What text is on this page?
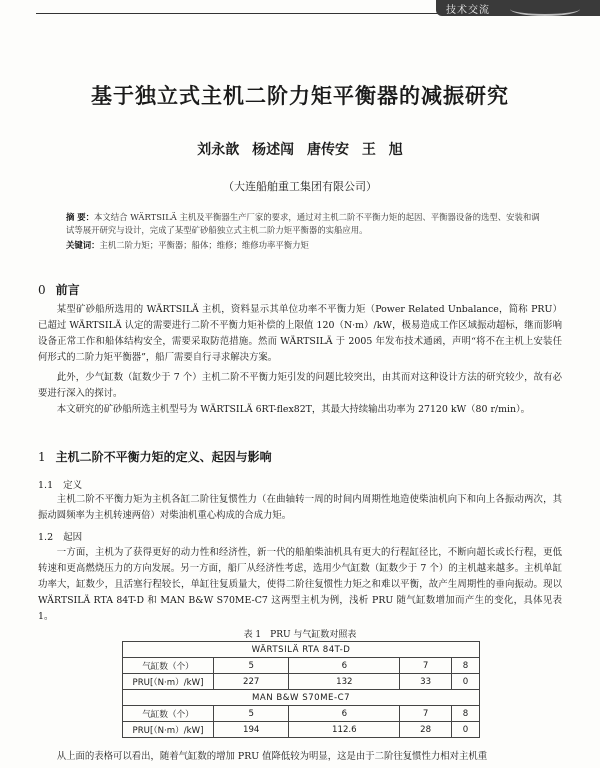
技术交流
基于独立式主机二阶力矩平衡器的减振研究
刘永歆 杨述闯 唐传安 王 旭
（大连船舶重工集团有限公司）
摘 要：本文结合 WÄRTSILÄ 主机及平衡器生产厂家的要求，通过对主机二阶不平衡力矩的起因、平衡器设备的选型、安装和调试等展开研究与设计，完成了某型矿砂船独立式主机二阶力矩平衡器的实船应用。
关键词：主机二阶力矩；平衡器；船体；维修；维修功率平衡力矩
0 前言
某型矿砂船所选用的 WÄRTSILÄ 主机，资料显示其单位功率不平衡力矩（Power Related Unbalance，简称 PRU）已超过 WÄRTSILÄ 认定的需要进行二阶不平衡力矩补偿的上限值 120（N·m）/kW，极易造成工作区域振动超标，继而影响设备正常工作和船体结构安全，需要采取防范措施。然而 WÄRTSILÄ 于 2005 年发布技术通函，声明“将不在主机上安装任何形式的二阶力矩平衡器”，船厂需要自行寻求解决方案。
此外，少气缸数（缸数少于 7 个）主机二阶不平衡力矩引发的问题比较突出，由其而对这种设计方法的研究较少，故有必要进行深入的探讨。
本文研究的矿砂船所选主机型号为 WÄRTSILÄ 6RT-flex82T，其最大持续输出功率为 27120 kW（80 r/min）。
1 主机二阶不平衡力矩的定义、起因与影响
1.1 定义
主机二阶不平衡力矩为主机各缸二阶往复惯性力（在曲轴转一周的时间内周期性地造使柴油机向下和向上各振动两次，其振动圆频率为主机转速两倍）对柴油机重心构成的合成力矩。
1.2 起因
一方面，主机为了获得更好的动力性和经济性，新一代的船舶柴油机具有更大的行程缸径比，不断向超长或长行程，更低转速和更高燃烧压力的方向发展。另一方面，船厂从经济性考虑，选用少气缸数（缸数少于 7 个）的主机越来越多。主机单缸功率大，缸数少，且活塞行程较长，单缸往复质量大，使得二阶往复惯性力矩之和难以平衡，故产生周期性的垂向振动。现以 WÄRTSILÄ RTA 84T-D 和 MAN B&W S70ME-C7 这两型主机为例，浅析 PRU 随气缸数增加而产生的变化，具体见表 1。
表 1　PRU 与气缸数对照表
WÄRTSILÄ RTA 84T-D				
气缸数（个）	5	6	7	8
PRU[（N·m）/kW]	227	132	33	0
MAN B&W S70ME-C7				
气缸数（个）	5	6	7	8
PRU[（N·m）/kW]	194	112.6	28	0
从上面的表格可以看出，随着气缸数的增加 PRU 值降低较为明显，这是由于二阶往复惯性力相对主机重
